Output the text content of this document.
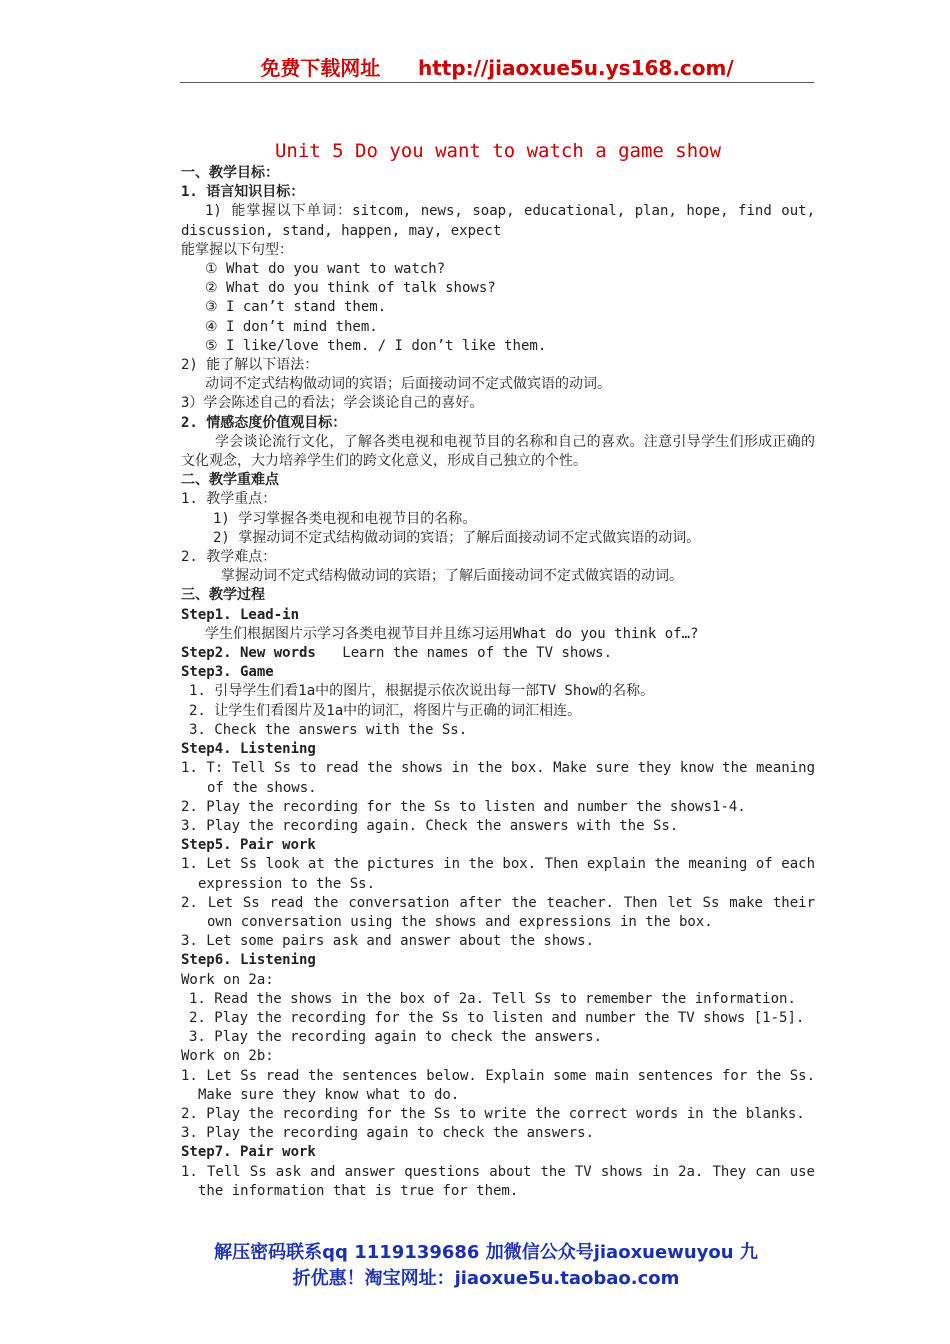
免费下载网址 http://jiaoxue5u.ys168.com/
Unit 5 Do you want to watch a game show
一、教学目标：
1. 语言知识目标：
1) 能掌握以下单词：sitcom, news, soap, educational, plan, hope, find out, discussion, stand, happen, may, expect
能掌握以下句型：
① What do you want to watch?
② What do you think of talk shows?
③ I can’t stand them.
④ I don’t mind them.
⑤ I like/love them. / I don’t like them.
2) 能了解以下语法：
动词不定式结构做动词的宾语；后面接动词不定式做宾语的动词。
3）学会陈述自己的看法；学会谈论自己的喜好。
2. 情感态度价值观目标：
学会谈论流行文化，了解各类电视和电视节目的名称和自己的喜欢。注意引导学生们形成正确的文化观念，大力培养学生们的跨文化意义，形成自己独立的个性。
二、教学重难点
1. 教学重点：
1) 学习掌握各类电视和电视节目的名称。
2) 掌握动词不定式结构做动词的宾语；了解后面接动词不定式做宾语的动词。
2. 教学难点：
掌握动词不定式结构做动词的宾语；了解后面接动词不定式做宾语的动词。
三、教学过程
Step1. Lead-in
学生们根据图片示学习各类电视节目并且练习运用What do you think of…?
Step2. New words Learn the names of the TV shows.
Step3. Game
1. 引导学生们看1a中的图片，根据提示依次说出每一部TV Show的名称。
2. 让学生们看图片及1a中的词汇，将图片与正确的词汇相连。
3. Check the answers with the Ss.
Step4. Listening
1. T: Tell Ss to read the shows in the box. Make sure they know the meaning of the shows.
2. Play the recording for the Ss to listen and number the shows1-4.
3. Play the recording again. Check the answers with the Ss.
Step5. Pair work
1. Let Ss look at the pictures in the box. Then explain the meaning of each expression to the Ss.
2. Let Ss read the conversation after the teacher. Then let Ss make their own conversation using the shows and expressions in the box.
3. Let some pairs ask and answer about the shows.
Step6. Listening
Work on 2a:
1. Read the shows in the box of 2a. Tell Ss to remember the information.
2. Play the recording for the Ss to listen and number the TV shows [1-5].
3. Play the recording again to check the answers.
Work on 2b:
1. Let Ss read the sentences below. Explain some main sentences for the Ss. Make sure they know what to do.
2. Play the recording for the Ss to write the correct words in the blanks.
3. Play the recording again to check the answers.
Step7. Pair work
1. Tell Ss ask and answer questions about the TV shows in 2a. They can use the information that is true for them.
解压密码联系qq 1119139686 加微信公众号jiaoxuewuyou 九
折优惠！淘宝网址：jiaoxue5u.taobao.com
